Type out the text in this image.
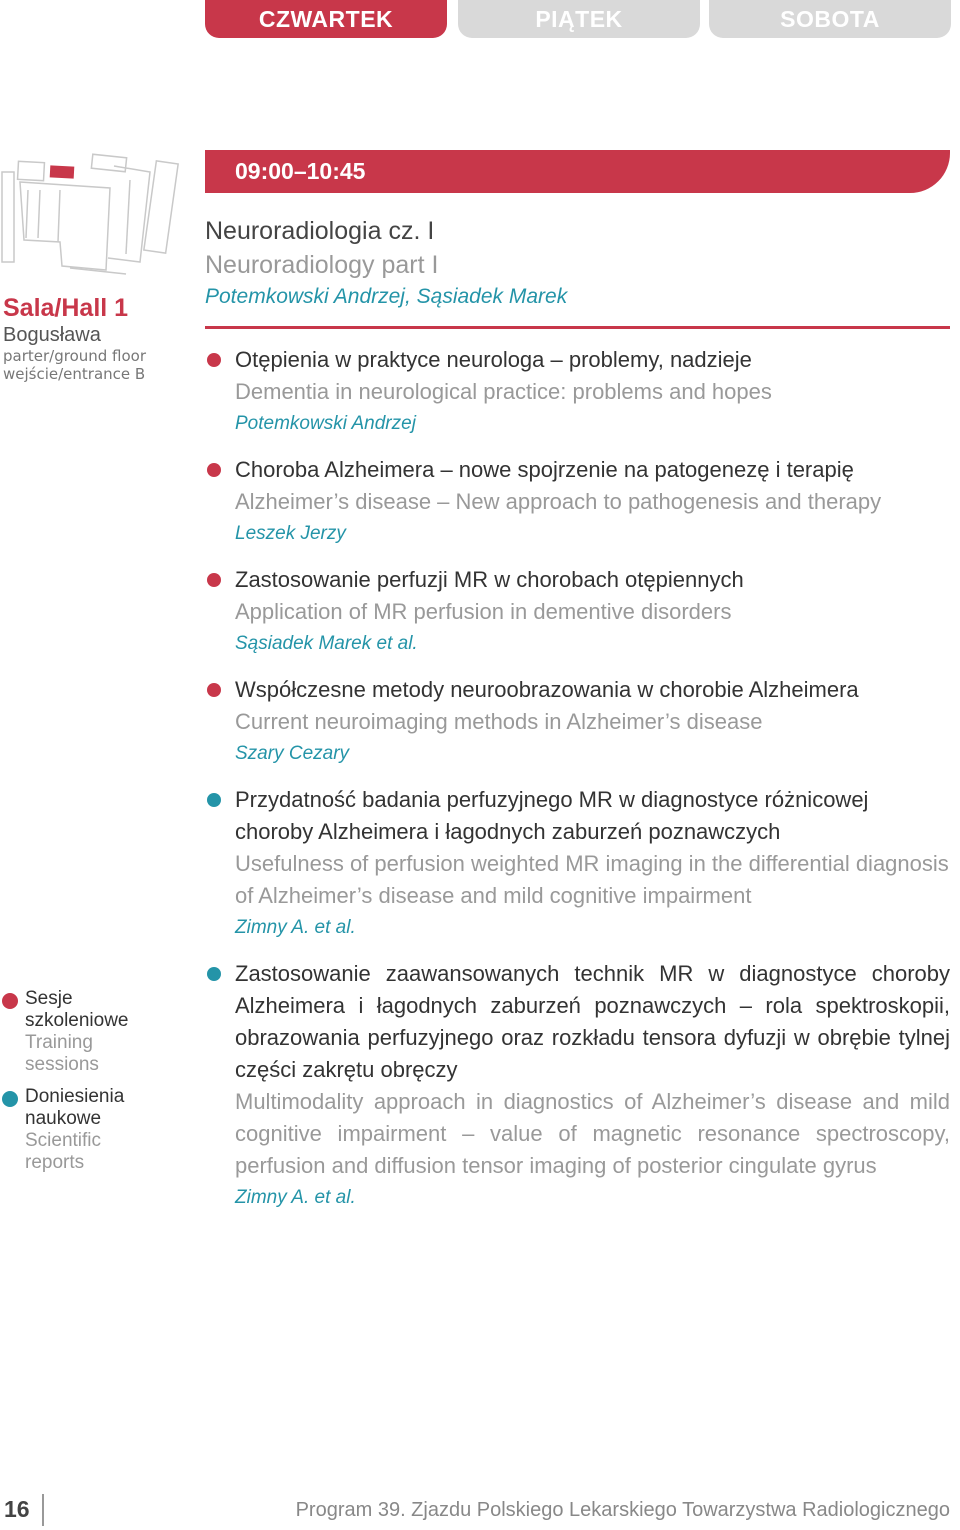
CZWARTEK	PIĄTEK	SOBOTA
Sala/Hall 1
Bogusława
parter/ground floor
wejście/entrance B
09:00–10:45
Neuroradiologia cz. I
Neuroradiology part I
Potemkowski Andrzej, Sąsiadek Marek
Otępienia w praktyce neurologa – problemy, nadzieje
Dementia in neurological practice: problems and hopes
Potemkowski Andrzej
Choroba Alzheimera – nowe spojrzenie na patogenezę i terapię
Alzheimer’s disease – New approach to pathogenesis and therapy
Leszek Jerzy
Zastosowanie perfuzji MR w chorobach otępiennych
Application of MR perfusion in dementive disorders
Sąsiadek Marek et al.
Współczesne metody neuroobrazowania w chorobie Alzheimera
Current neuroimaging methods in Alzheimer’s disease
Szary Cezary
Przydatność badania perfuzyjnego MR w diagnostyce różnicowej choroby Alzheimera i łagodnych zaburzeń poznawczych
Usefulness of perfusion weighted MR imaging in the differential diagnosis of Alzheimer’s disease and mild cognitive impairment
Zimny A. et al.
Zastosowanie zaawansowanych technik MR w diagnostyce choroby Alzheimera i łagodnych zaburzeń poznawczych – rola spektroskopii, obrazowania perfuzyjnego oraz rozkładu tensora dyfuzji w obrębie tylnej części zakrętu obręczy
Multimodality approach in diagnostics of Alzheimer’s disease and mild cognitive impairment – value of magnetic resonance spectroscopy, perfusion and diffusion tensor imaging of posterior cingulate gyrus
Zimny A. et al.
Sesje szkoleniowe
Training sessions
Doniesienia naukowe
Scientific reports
16	Program 39. Zjazdu Polskiego Lekarskiego Towarzystwa Radiologicznego
